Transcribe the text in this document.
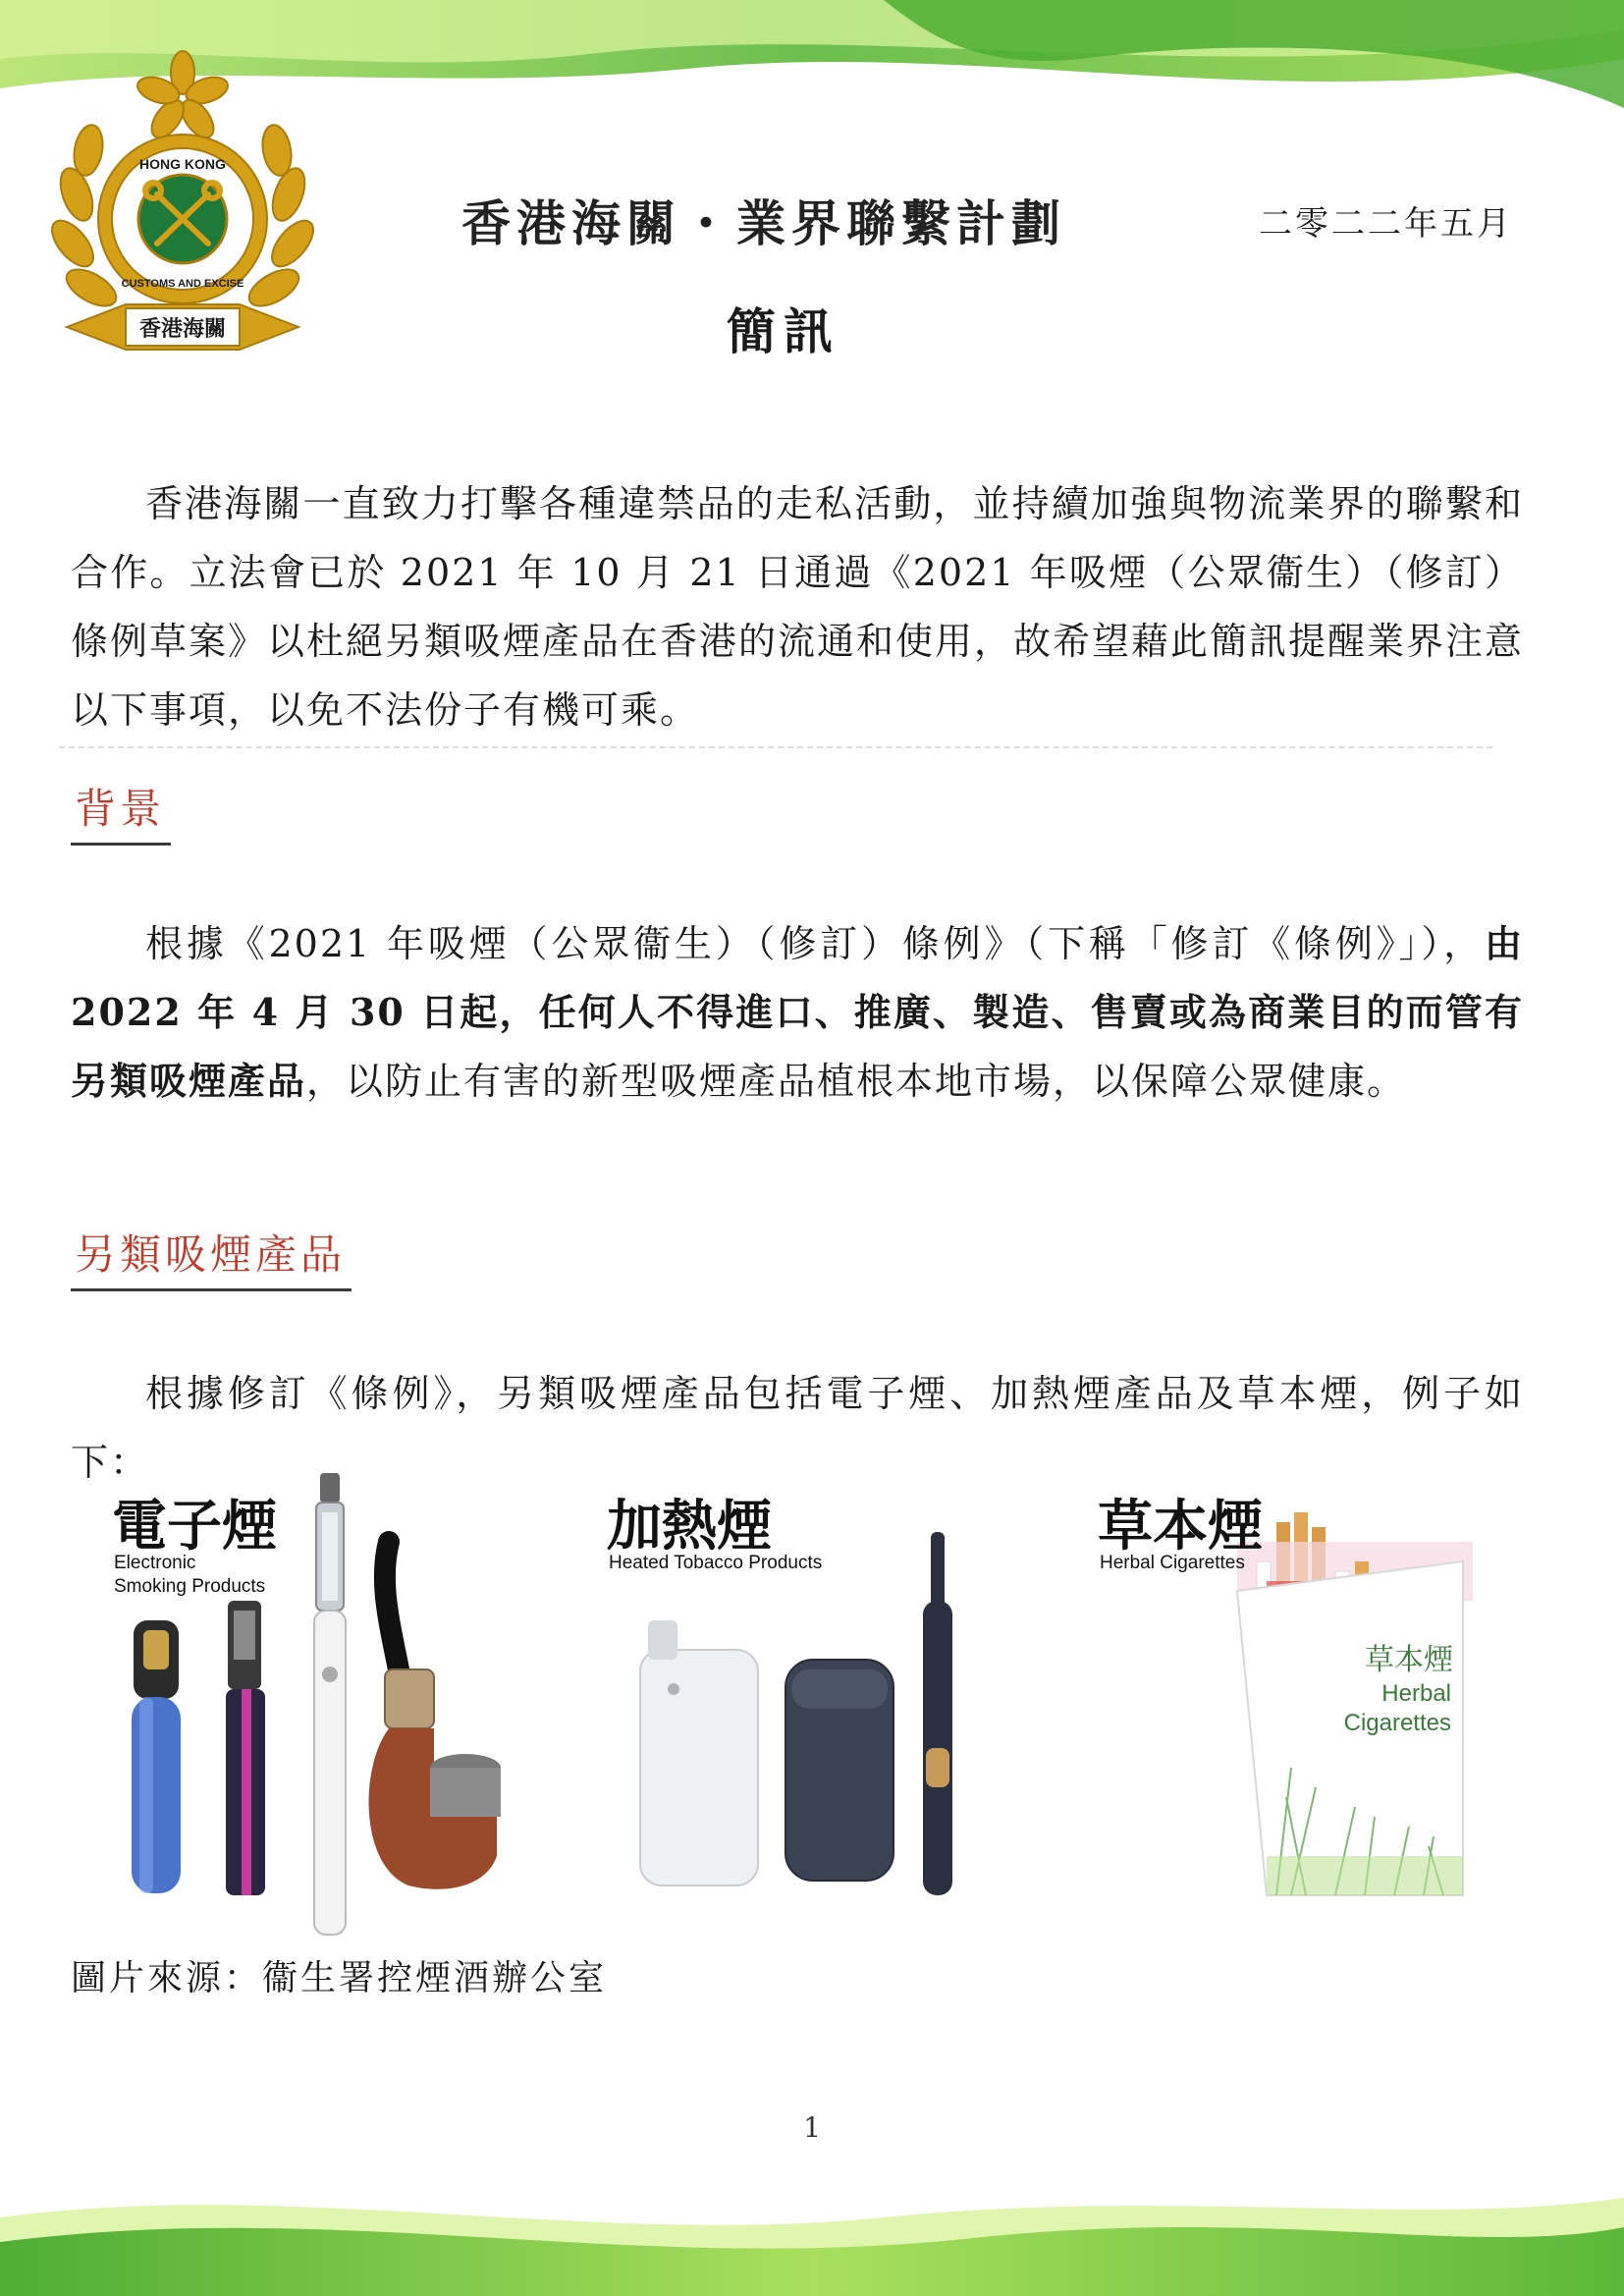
HONG KONG
CUSTOMS AND EXCISE
香港海關
香港海關・業界聯繫計劃	二零二二年五月
簡訊

香港海關一直致力打擊各種違禁品的走私活動，並持續加強與物流業界的聯繫和合作。立法會已於 2021 年 10 月 21 日通過《2021 年吸煙（公眾衞生）（修訂）條例草案》以杜絕另類吸煙產品在香港的流通和使用，故希望藉此簡訊提醒業界注意以下事項，以免不法份子有機可乘。

背景

根據《2021 年吸煙（公眾衞生）（修訂）條例》（下稱「修訂《條例》」），由 2022 年 4 月 30 日起，任何人不得進口、推廣、製造、售賣或為商業目的而管有另類吸煙產品，以防止有害的新型吸煙產品植根本地市場，以保障公眾健康。

另類吸煙產品

根據修訂《條例》，另類吸煙產品包括電子煙、加熱煙產品及草本煙，例子如下：

電子煙
Electronic
Smoking Products
加熱煙
Heated Tobacco Products
草本煙
Herbal
Cigarettes
草本煙
Herbal Cigarettes
圖片來源：衞生署控煙酒辦公室
1
